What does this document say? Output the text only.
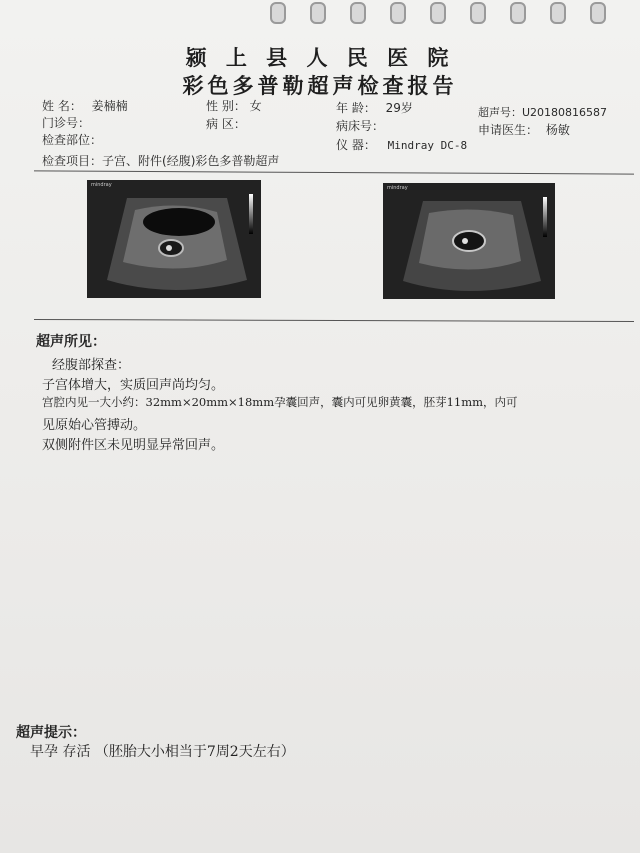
颍 上 县 人 民 医 院
彩色多普勒超声检查报告
姓 名： 姜楠楠	性 别： 女	年 龄： 29岁	超声号：U20180816587
门诊号：	病 区：	病床号：	申请医生： 杨敏
检查部位：	仪 器： Mindray DC-8
检查项目：子宫、附件(经腹)彩色多普勒超声
mindray	mindray
超声所见：
经腹部探查：
子宫体增大，实质回声尚均匀。
宫腔内见一大小约：32mm×20mm×18mm孕囊回声，囊内可见卵黄囊，胚芽11mm，内可
见原始心管搏动。
双侧附件区未见明显异常回声。
超声提示：
早孕 存活 （胚胎大小相当于7周2天左右）
